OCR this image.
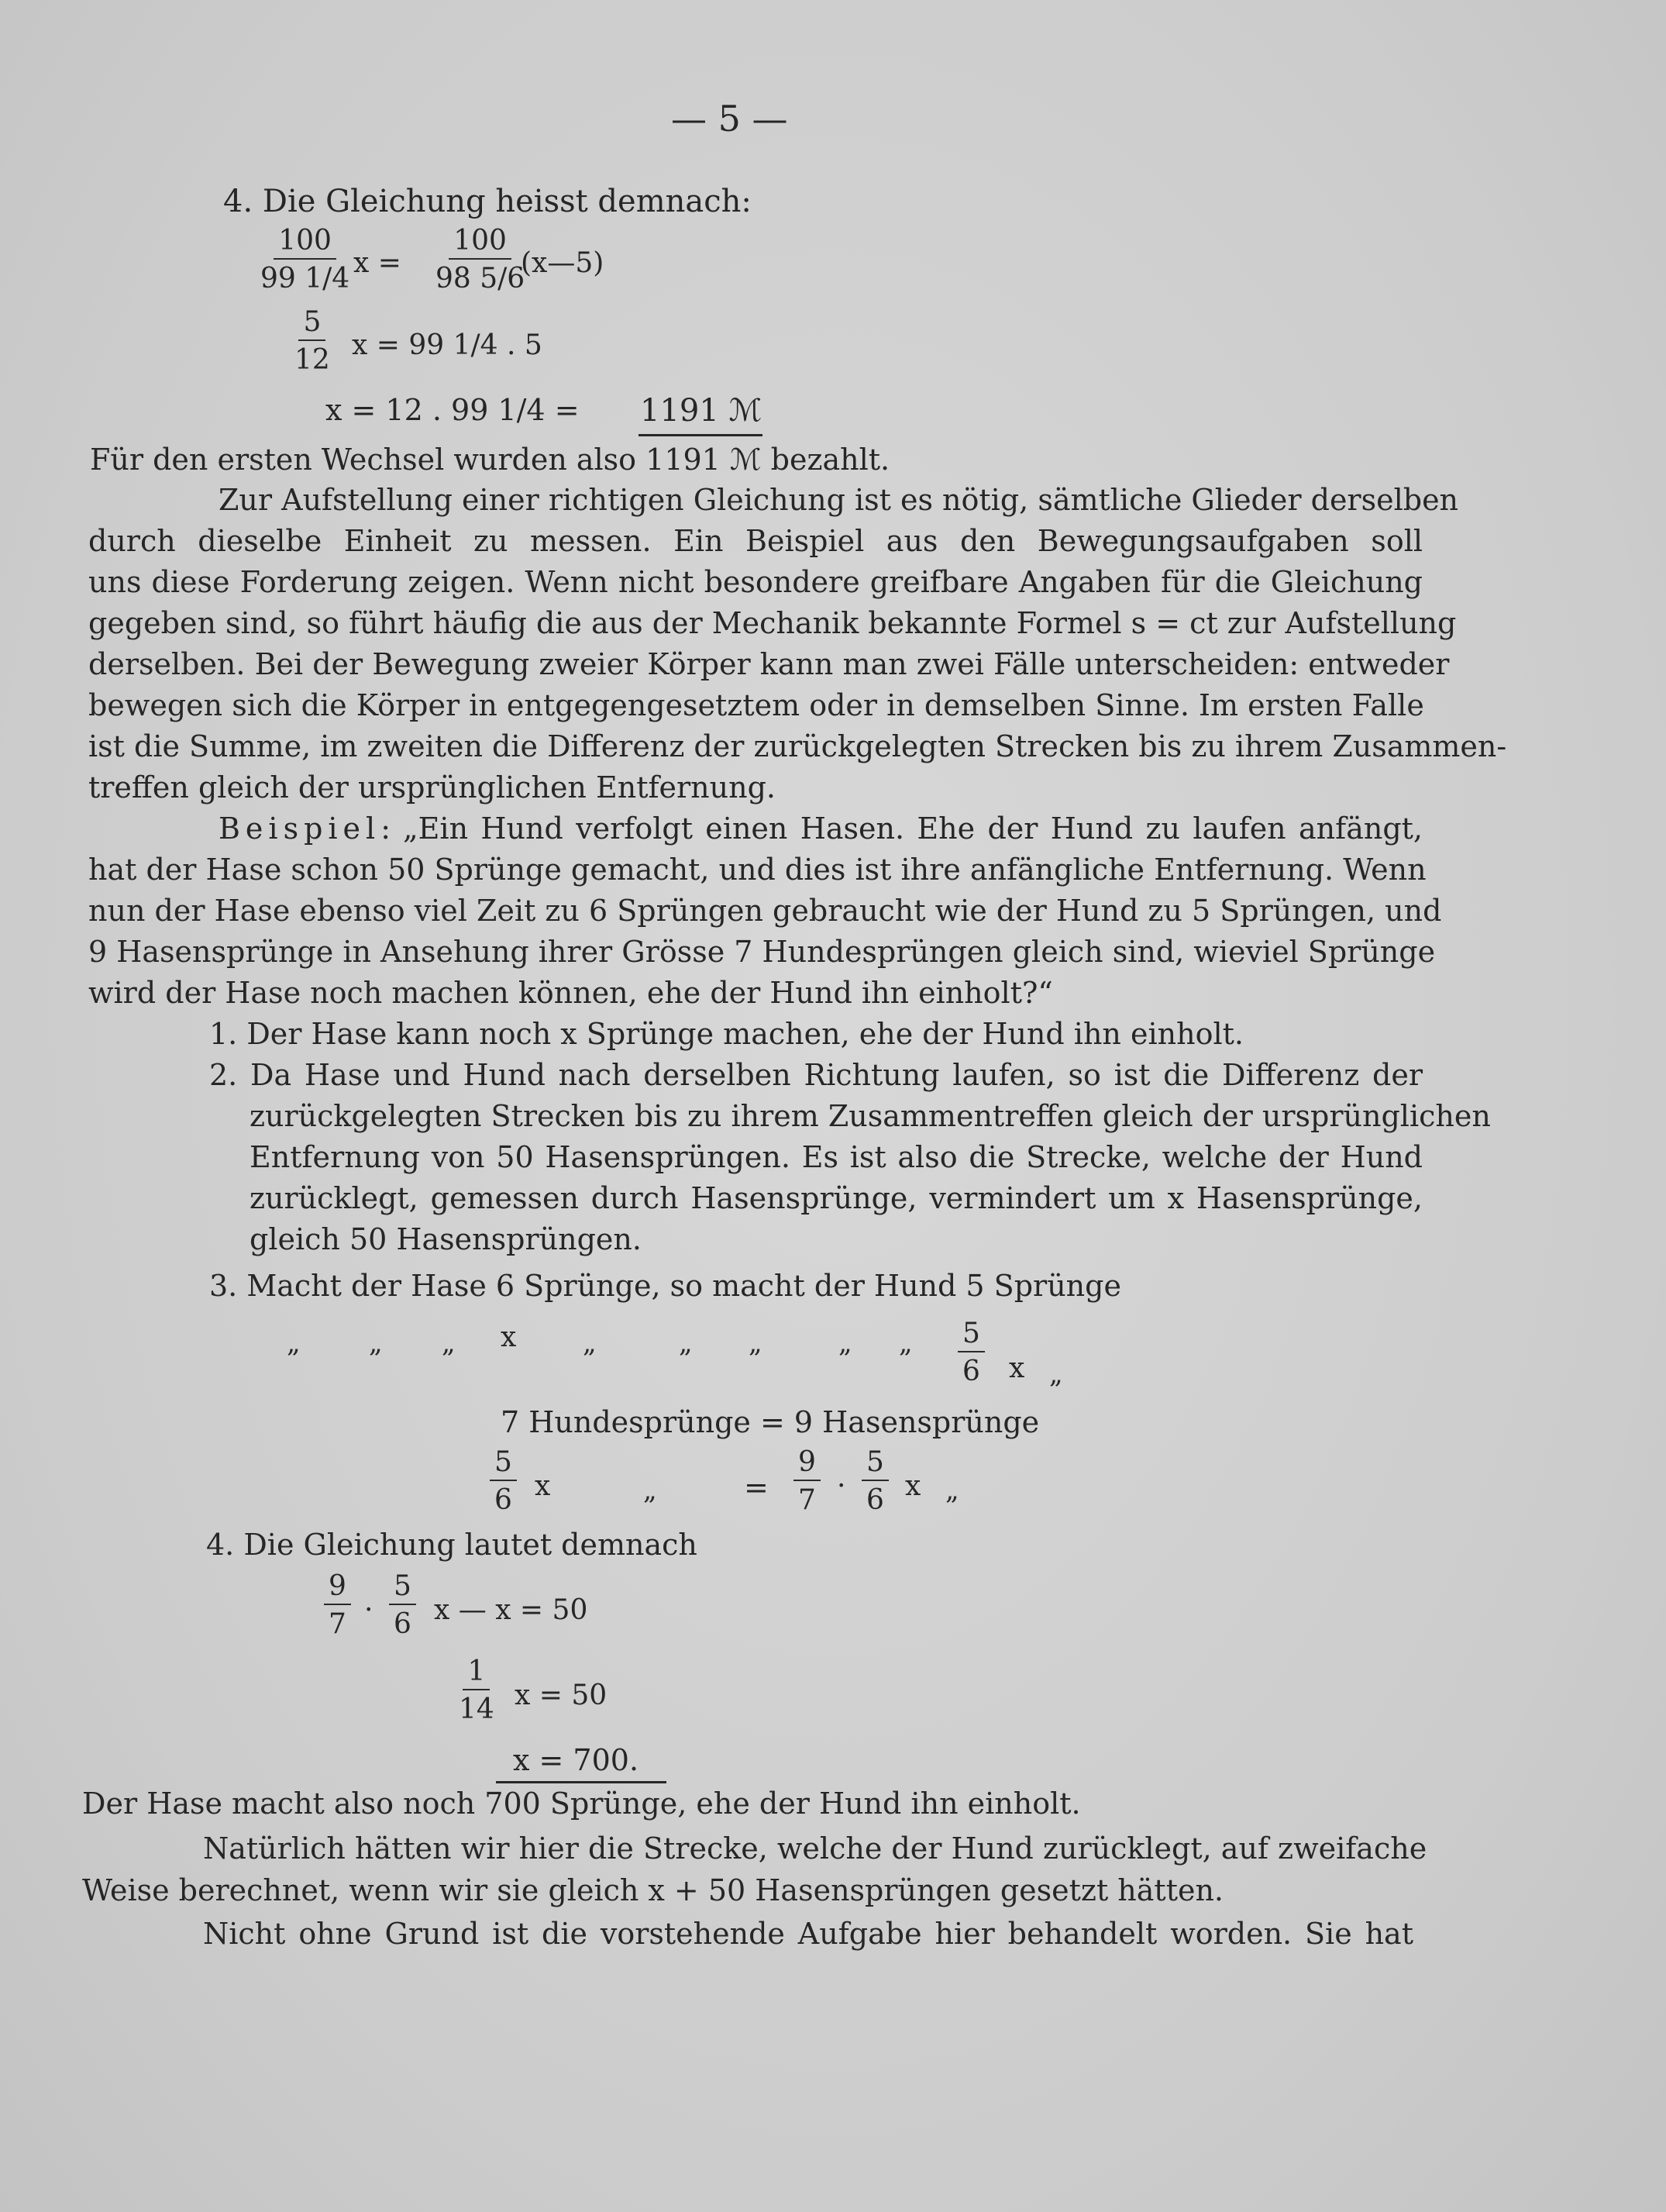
— 5 —
4. Die Gleichung heisst demnach:
$\frac{100}{99 1/4}$ $x = \frac{100}{98 5/6}$
(x—5)
$\frac{5}{12}$ x = 99 1/4 . 5
x = 12 . 99 1/4 = 1191 ℳ
Für den ersten Wechsel wurden also 1191 ℳ bezahlt.
Zur Aufstellung einer richtigen Gleichung ist es nötig, sämtliche Glieder derselben
durch dieselbe Einheit zu messen. Ein Beispiel aus den Bewegungsaufgaben soll
uns diese Forderung zeigen. Wenn nicht besondere greifbare Angaben für die Gleichung
gegeben sind, so führt häufig die aus der Mechanik bekannte Formel s = ct zur Aufstellung
derselben. Bei der Bewegung zweier Körper kann man zwei Fälle unterscheiden: entweder
bewegen sich die Körper in entgegengesetztem oder in demselben Sinne. Im ersten Falle
ist die Summe, im zweiten die Differenz der zurückgelegten Strecken bis zu ihrem Zusammen-
treffen gleich der ursprünglichen Entfernung.
Beispiel: „Ein Hund verfolgt einen Hasen. Ehe der Hund zu laufen anfängt,
hat der Hase schon 50 Sprünge gemacht, und dies ist ihre anfängliche Entfernung. Wenn
nun der Hase ebenso viel Zeit zu 6 Sprüngen gebraucht wie der Hund zu 5 Sprüngen, und
9 Hasensprünge in Ansehung ihrer Grösse 7 Hundesprüngen gleich sind, wieviel Sprünge
wird der Hase noch machen können, ehe der Hund ihn einholt?“
1. Der Hase kann noch x Sprünge machen, ehe der Hund ihn einholt.
2. Da Hase und Hund nach derselben Richtung laufen, so ist die Differenz der
zurückgelegten Strecken bis zu ihrem Zusammentreffen gleich der ursprünglichen
Entfernung von 50 Hasensprüngen. Es ist also die Strecke, welche der Hund
zurücklegt, gemessen durch Hasensprünge, vermindert um x Hasensprünge,
gleich 50 Hasensprüngen.
3. Macht der Hase 6 Sprünge, so macht der Hund 5 Sprünge
„	„ „ x	„	„ „	„ „ $\frac{5}{6}$ x „
7 Hundesprünge = 9 Hasensprünge
$\frac{5}{6}$ x	„	= $\frac{9}{7} \cdot \frac{5}{6}$ x „
4. Die Gleichung lautet demnach
$\frac{9}{7} \cdot \frac{5}{6}$ x — x = 50
$\frac{1}{14}$ x = 50
x = 700.
Der Hase macht also noch 700 Sprünge, ehe der Hund ihn einholt.
Natürlich hätten wir hier die Strecke, welche der Hund zurücklegt, auf zweifache
Weise berechnet, wenn wir sie gleich x + 50 Hasensprüngen gesetzt hätten.
Nicht ohne Grund ist die vorstehende Aufgabe hier behandelt worden. Sie hat
